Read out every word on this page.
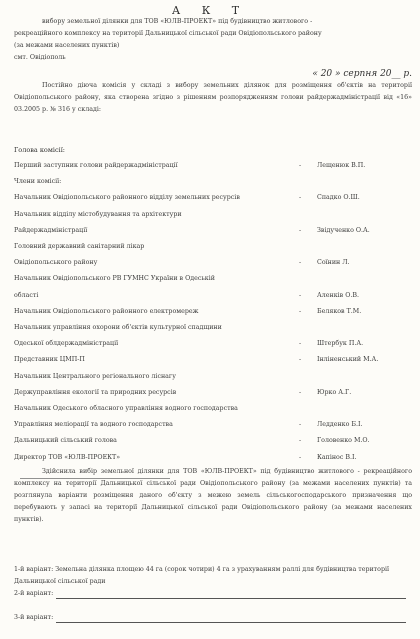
А К Т
вибору земельної ділянки для ТОВ «ЮЛВ-ПРОЕКТ» під будівництво житлового -
рекреаційного комплексу на території Дальницької сільської ради Овідіопольського району
(за межами населених пунктів)
смт. Овідіополь
« 20 » серпня 20__ р.
Постійно діюча комісія у складі з вибору земельних ділянок для розміщення об'єктів на території Овідіопольського району, яка створена згідно з рішенням розпорядженням голови райдержадміністрації від «16» 03.2005 р. № 316 у складі:
Голова комісії:
Перший заступник голови райдержадміністрації	-	Лещенюк В.П.
Члени комісії:
Начальник Овідіопольського районного відділу земельних ресурсів	-	Спадко О.Ш.
Начальник відділу містобудування та архітектури
Райдержадміністрації	-	Звідученко О.А.
Головний державний санітарний лікар
Овідіопольського району	-	Соїнин Л.
Начальник Овідіопольського РВ ГУМНС України в Одеській
області	-	Аленків О.В.
Начальник Овідіопольського районного електромереж	-	Беляков Т.М.
Начальник управління охорони об'єктів культурної спадщини
Одеської облдержадміністрації	-	Штербук П.А.
Представник ЦМП-П	-	Інліненський М.А.
Начальник Центрального регіонального ліснагу
Держуправління екології та природних ресурсів	-	Юрко А.Г.
Начальник Одеського обласного управління водного господарства
Управління меліорації та водного господарства	-	Ледденко Б.І.
Дальницький сільський голова	-	Головенко М.О.
Директор ТОВ «ЮЛВ-ПРОЕКТ»	-	Капінос В.І.
Здійснила вибір земельної ділянки для ТОВ «ЮЛВ-ПРОЕКТ» під будівництво житлового - рекреаційного комплексу на території Дальницької сільської ради Овідіопольського району (за межами населених пунктів) та розглянула варіанти розміщення даного об'єкту з межею земель сільськогосподарського призначення що перебувають у запасі на території Дальницької сільської ради Овідіопольського району (за межами населених пунктів).
1-й варіант: Земельна ділянка площею 44 га (сорок чотири) 4 га з урахуванням раллі для будівництва території Дальницької сільської ради
2-й варіант:
3-й варіант:
